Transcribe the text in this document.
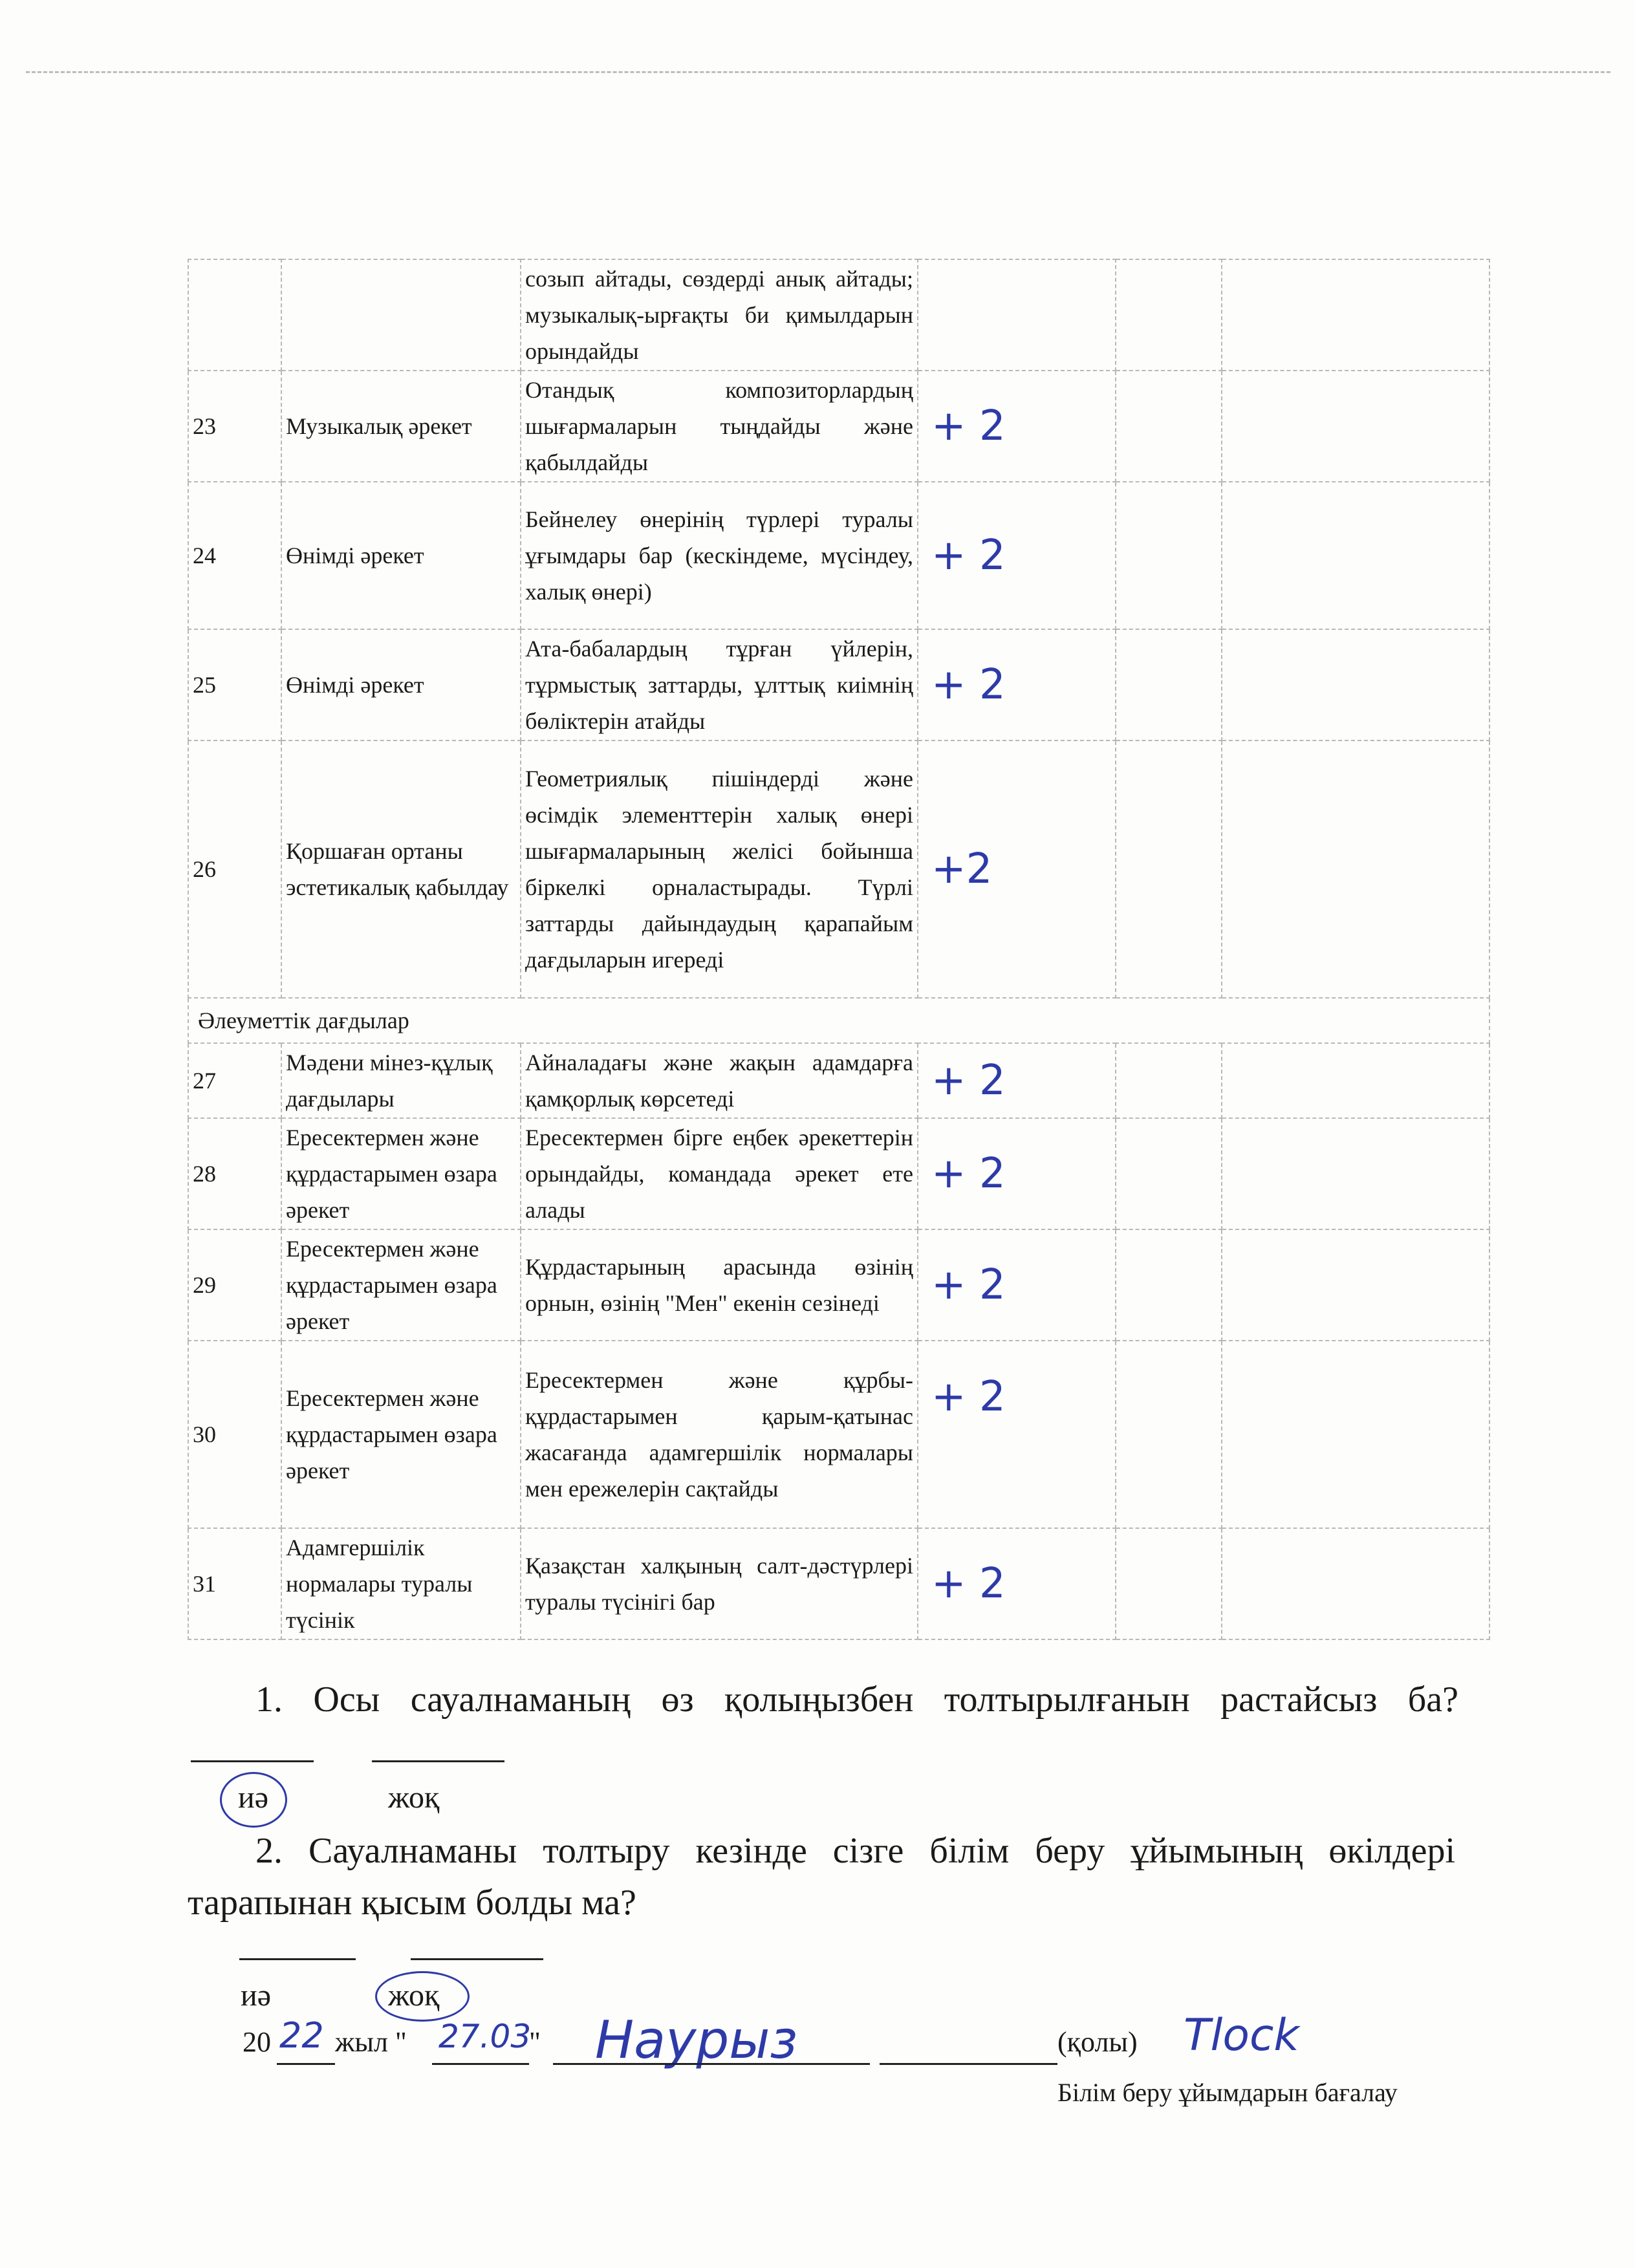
		созып айтады, сөздерді анық айтады; музыкалық-ырғақты би қимылдарын орындайды			
23	Музыкалық әрекет	Отандық композиторлардың шығармаларын тыңдайды және қабылдайды	+ 2		

24	Өнімді әрекет	Бейнелеу өнерінің түрлері туралы ұғымдары бар (кескіндеме, мүсіндеу, халық өнері)	+ 2		

25	Өнімді әрекет	Ата-бабалардың тұрған үйлерін, тұрмыстық заттарды, ұлттық киімнің бөліктерін атайды	+ 2		

26	Қоршаған ортаны эстетикалық қабылдау	Геометриялық пішіндерді және өсімдік элементтерін халық өнері шығармаларының желісі бойынша біркелкі орналастырады. Түрлі заттарды дайындаудың қарапайым дағдыларын игереді	+2		

Әлеуметтік дағдылар					
27	Мәдени мінез-құлық дағдылары	Айналадағы және жақын адамдарға қамқорлық көрсетеді	+ 2		

28	Ересектермен және құрдастарымен өзара әрекет	Ересектермен бірге еңбек әрекеттерін орындайды, командада әрекет ете алады	+ 2		

29	Ересектермен және құрдастарымен өзара әрекет	Құрдастарының арасында өзінің орнын, өзінің "Мен" екенін сезінеді	+ 2		

30	Ересектермен және құрдастарымен өзара әрекет	Ересектермен және құрбы-құрдастарымен қарым-қатынас жасағанда адамгершілік нормалары мен ережелерін сақтайды	+ 2		

31	Адамгершілік нормалары туралы түсінік	Қазақстан халқының салт-дәстүрлері туралы түсінігі бар	+ 2		

1. Осы сауалнаманың өз қолыңызбен толтырылғанын растайсыз ба?
иә	жоқ
2. Сауалнаманы толтыру кезінде сізге білім беру ұйымының өкілдері тарапынан қысым болды ма?
иә	жоқ
20 22 жыл " 27.03
" Наурыз	(қолы) Tlock
Білім беру ұйымдарын бағалау
